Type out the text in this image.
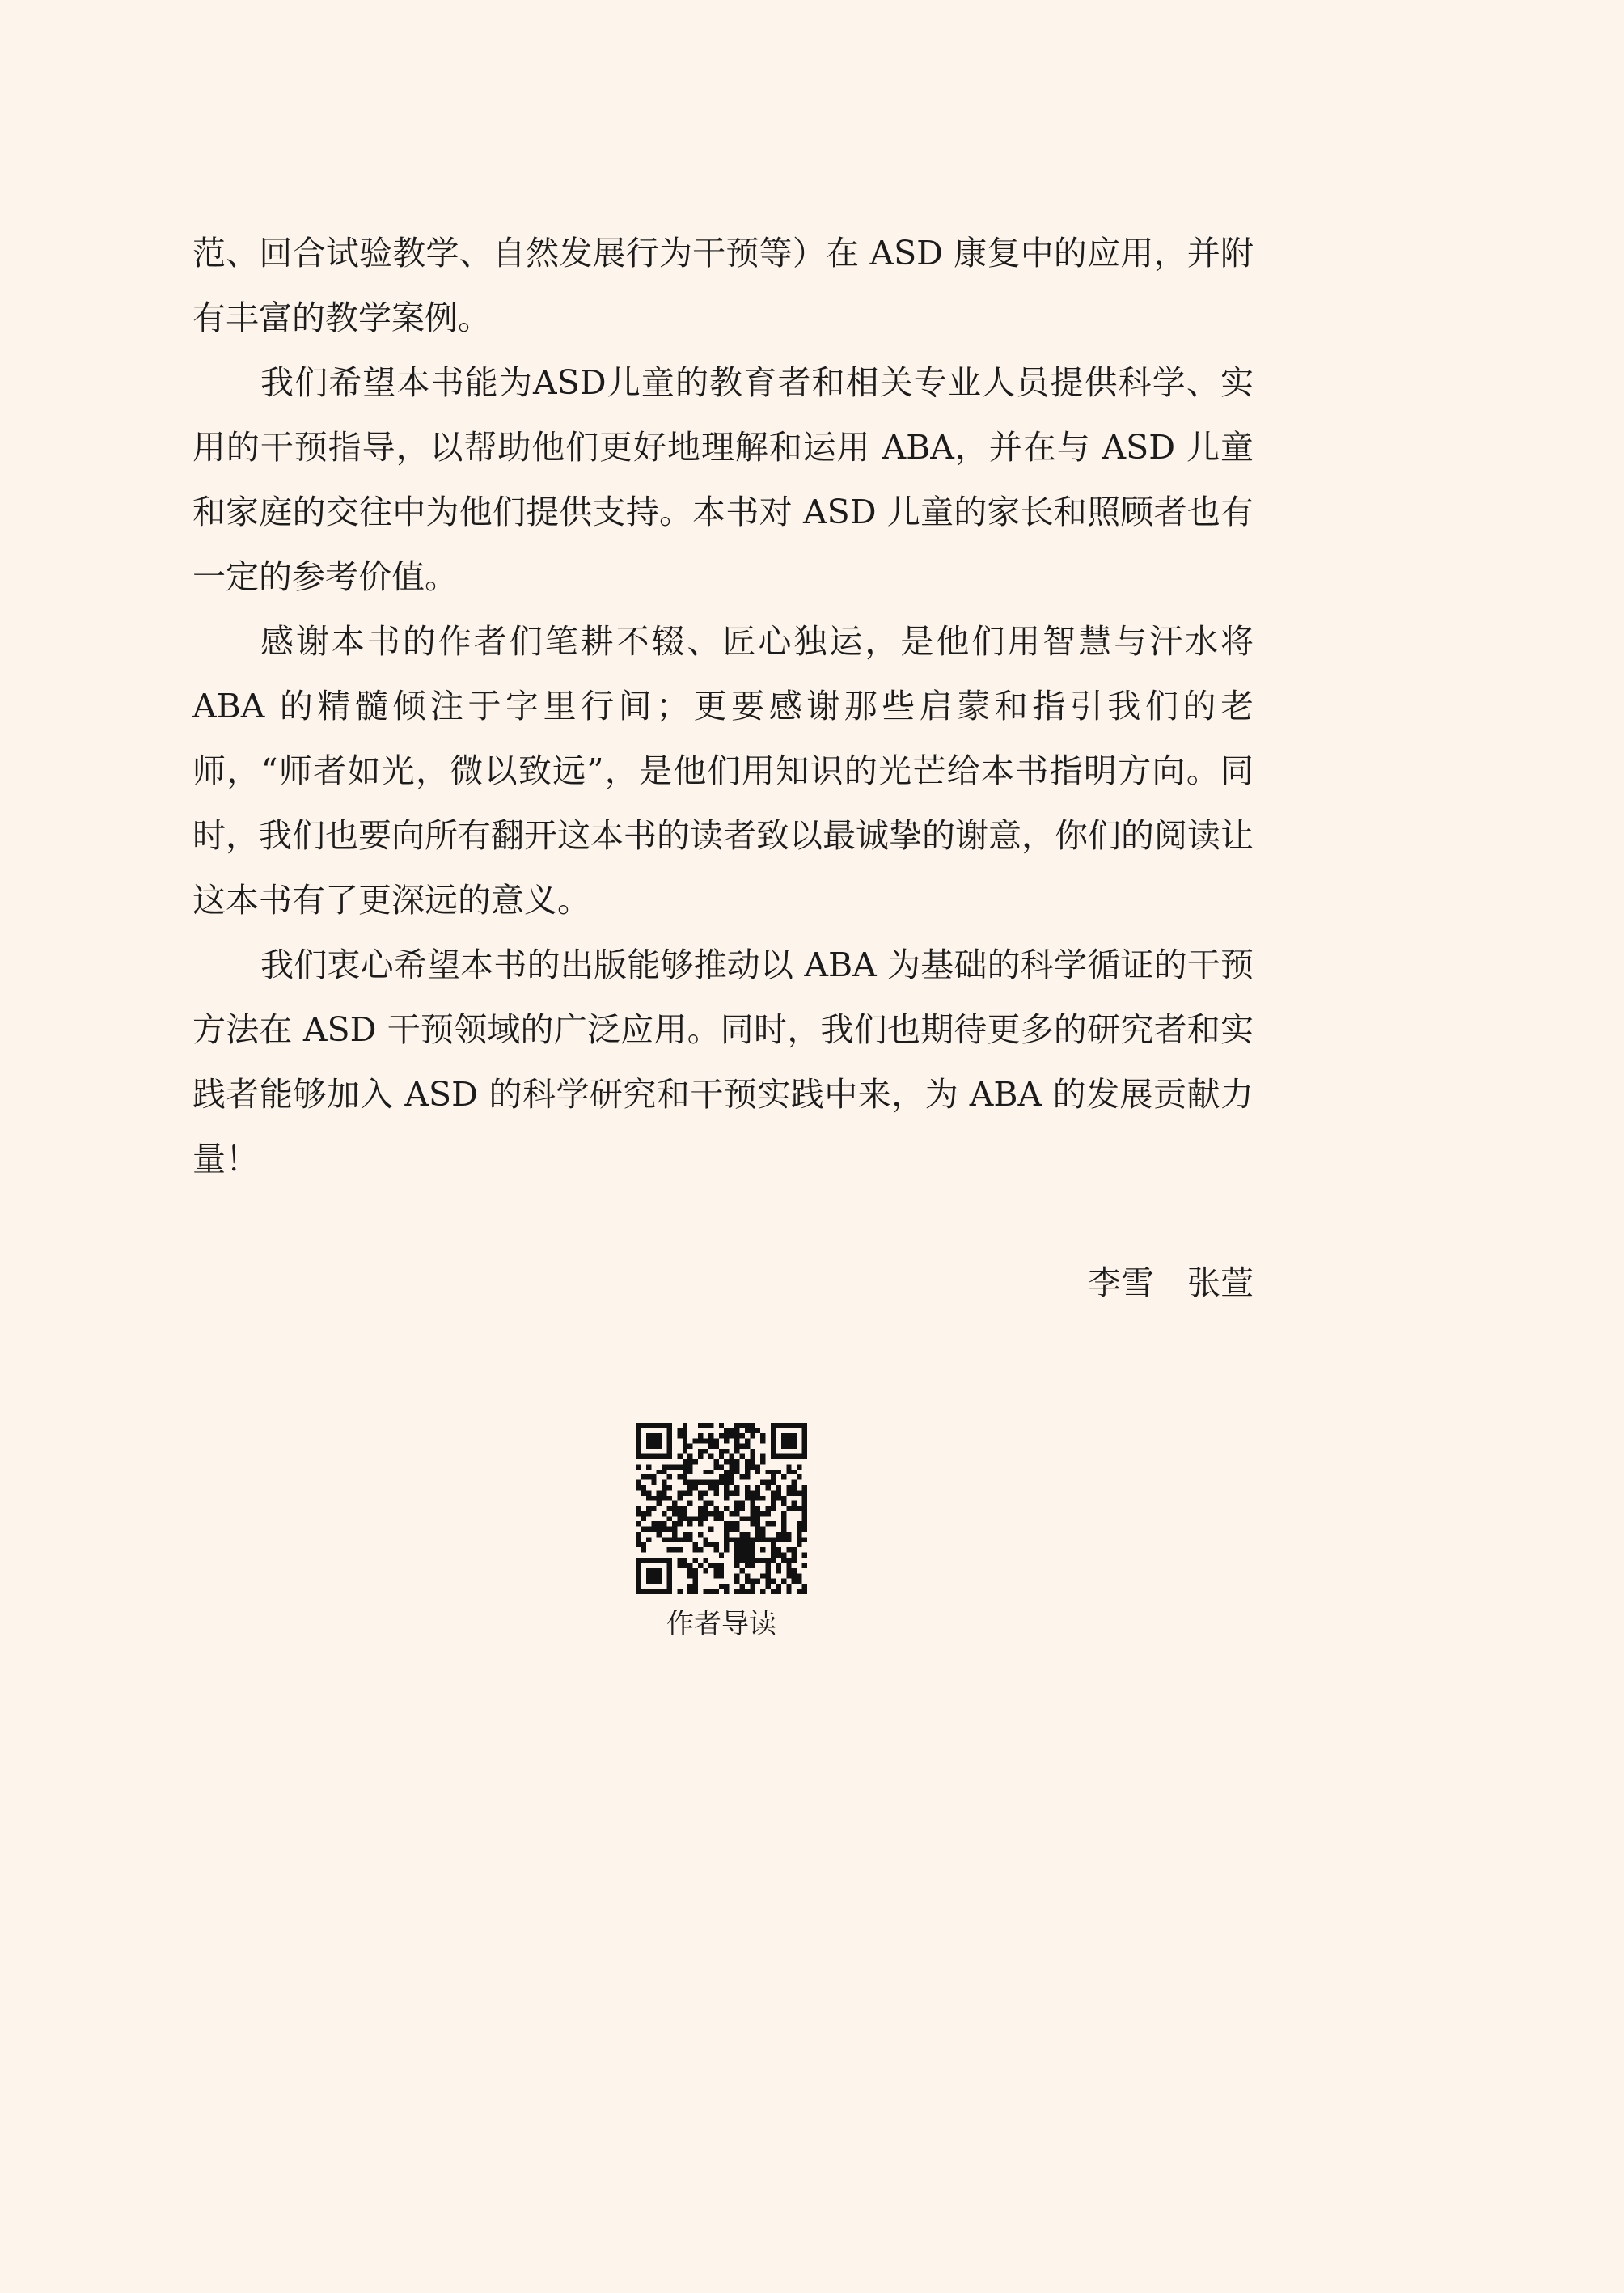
范、回合试验教学、自然发展行为干预等）在 ASD 康复中的应用，并附有丰富的教学案例。

我们希望本书能为ASD儿童的教育者和相关专业人员提供科学、实用的干预指导，以帮助他们更好地理解和运用 ABA，并在与 ASD 儿童和家庭的交往中为他们提供支持。本书对 ASD 儿童的家长和照顾者也有一定的参考价值。

感谢本书的作者们笔耕不辍、匠心独运，是他们用智慧与汗水将 ABA 的精髓倾注于字里行间；更要感谢那些启蒙和指引我们的老师，“师者如光，微以致远”，是他们用知识的光芒给本书指明方向。同时，我们也要向所有翻开这本书的读者致以最诚挚的谢意，你们的阅读让这本书有了更深远的意义。

我们衷心希望本书的出版能够推动以 ABA 为基础的科学循证的干预方法在 ASD 干预领域的广泛应用。同时，我们也期待更多的研究者和实践者能够加入 ASD 的科学研究和干预实践中来，为 ABA 的发展贡献力量！

李雪　张萱
作者导读
